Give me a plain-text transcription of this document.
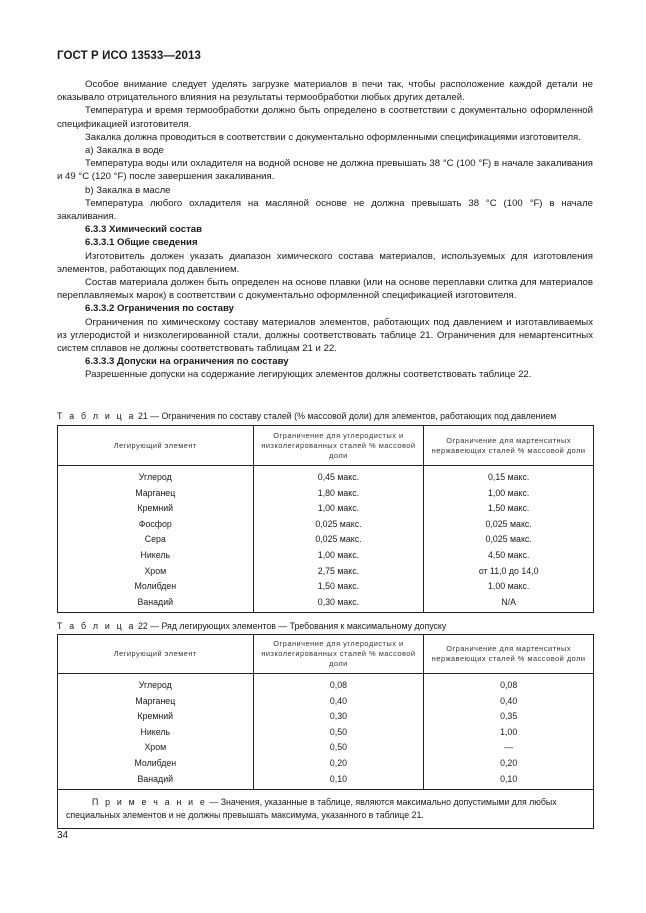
ГОСТ Р ИСО 13533—2013

Особое внимание следует уделять загрузке материалов в печи так, чтобы расположение каждой детали не оказывало отрицательного влияния на результаты термообработки любых других деталей.

Температура и время термообработки должно быть определено в соответствии с документально оформленной спецификацией изготовителя.

Закалка должна проводиться в соответствии с документально оформленными спецификациями изготовителя.

a) Закалка в воде

Температура воды или охладителя на водной основе не должна превышать 38 °С (100 °F) в начале закаливания и 49 °С (120 °F) после завершения закаливания.

b) Закалка в масле

Температура любого охладителя на масляной основе не должна превышать 38 °С (100 °F) в начале закаливания.

6.3.3 Химический состав

6.3.3.1 Общие сведения

Изготовитель должен указать диапазон химического состава материалов, используемых для изготовления элементов, работающих под давлением.

Состав материала должен быть определен на основе плавки (или на основе переплавки слитка для материалов переплавляемых марок) в соответствии с документально оформленной спецификацией изготовителя.

6.3.3.2 Ограничения по составу

Ограничения по химическому составу материалов элементов, работающих под давлением и изготавливаемых из углеродистой и низколегированной стали, должны соответствовать таблице 21. Ограничения для немартенситных систем сплавов не должны соответствовать таблицам 21 и 22.

6.3.3.3 Допуски на ограничения по составу

Разрешенные допуски на содержание легирующих элементов должны соответствовать таблице 22.

Т а б л и ц а 21 — Ограничения по составу сталей (% массовой доли) для элементов, работающих под давлением
Легирующий элемент	Ограничение для углеродистых и низколегированных сталей % массовой доли	Ограничение для мартенситных нержавеющих сталей % массовой доли
Углерод	0,45 макс.	0,15 макс.
Марганец	1,80 макс.	1,00 макс.
Кремний	1,00 макс.	1,50 макс.
Фосфор	0,025 макс.	0,025 макс.
Сера	0,025 макс.	0,025 макс.
Никель	1,00 макс.	4,50 макс.
Хром	2,75 макс.	от 11,0 до 14,0
Молибден	1,50 макс.	1,00 макс.
Ванадий	0,30 макс.	N/A
Т а б л и ц а 22 — Ряд легирующих элементов — Требования к максимальному допуску
Легирующий элемент	Ограничение для углеродистых и низколегированных сталей % массовой доли	Ограничение для мартенситных нержавеющих сталей % массовой доли
Углерод	0,08	0,08
Марганец	0,40	0,40
Кремний	0,30	0,35
Никель	0,50	1,00
Хром	0,50	—
Молибден	0,20	0,20
Ванадий	0,10	0,10
П р и м е ч а н и е — Значения, указанные в таблице, являются максимально допустимыми для любых специальных элементов и не должны превышать максимума, указанного в таблице 21.		
34
